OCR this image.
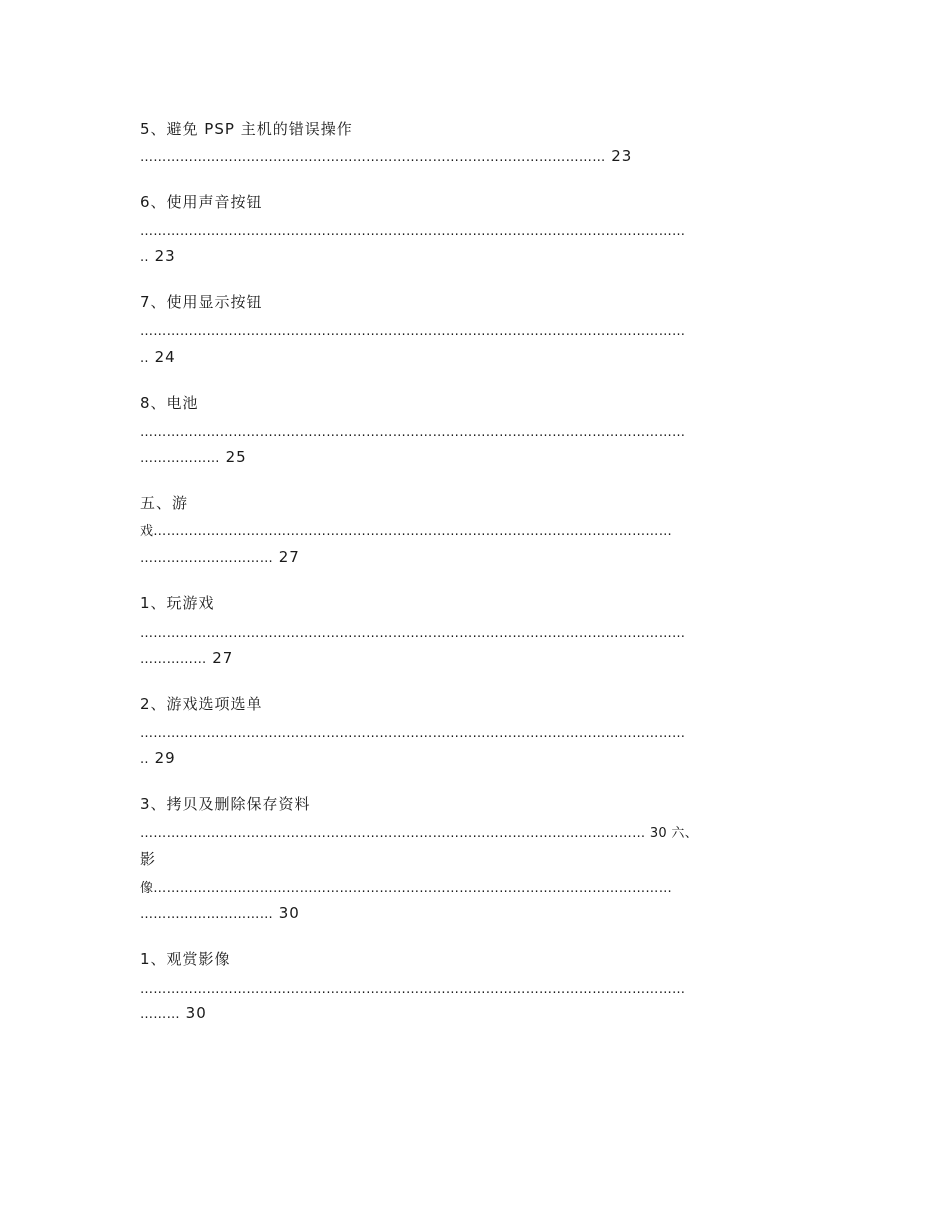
5、避免 PSP 主机的错误操作
…………………………………………………………………………………………… 23
6、使用声音按钮
……………………………………………………………………………………………………………
.. 23
7、使用显示按钮
……………………………………………………………………………………………………………
.. 24
8、电池
……………………………………………………………………………………………………………
……………… 25
五、游
戏………………………………………………………………………………………………………
………………………… 27
1、玩游戏
……………………………………………………………………………………………………………
…………… 27
2、游戏选项选单
……………………………………………………………………………………………………………
.. 29
3、拷贝及删除保存资料
…………………………………………………………………………………………………… 30 六、
影
像………………………………………………………………………………………………………
………………………… 30
1、观赏影像
……………………………………………………………………………………………………………
……… 30
